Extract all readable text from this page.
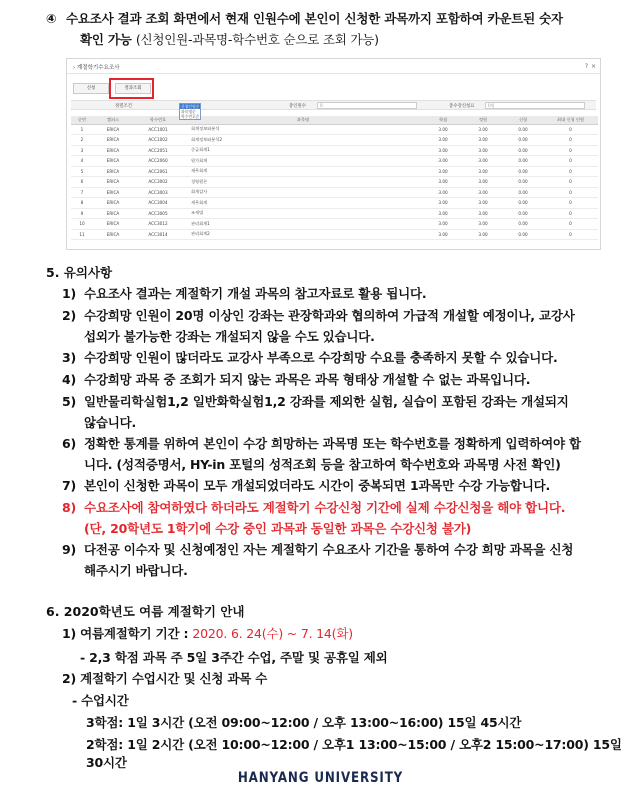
④ 수요조사 결과 조회 화면에서 현재 인원수에 본인이 신청한 과목까지 포함하여 카운트된 숫자
확인 가능 (신청인원-과목명-학수번호 순으로 조회 가능)
› 계절학기수요조사	? ×
신청	결과조회
정렬조건	총인원수	0	총수강신청료	0원
신청인원순
과목명순
학수번호순
순번	캠퍼스	학수번호	과목명	학점	정원	신청	최대 신청 인원
1	ERICA	ACC1001	회계정보와분석	3.00	3.00	0.00	0
2	ERICA	ACC1002	회계정보와분석2	3.00	3.00	0.00	0
3	ERICA	ACC2051	중급회계1	3.00	3.00	0.00	0
4	ERICA	ACC2060	원가회계	3.00	3.00	0.00	0
5	ERICA	ACC2061	재무회계	3.00	3.00	0.00	0
6	ERICA	ACC3002	경영원론	3.00	3.00	0.00	0
7	ERICA	ACC3003	회계감사	3.00	3.00	0.00	0
8	ERICA	ACC3004	세무회계	3.00	3.00	0.00	0
9	ERICA	ACC3005	조세법	3.00	3.00	0.00	0
10	ERICA	ACC3012	관리회계1	3.00	3.00	0.00	0
11	ERICA	ACC3014	관리회계2	3.00	3.00	0.00	0
5. 유의사항
1) 수요조사 결과는 계절학기 개설 과목의 참고자료로 활용 됩니다.
2) 수강희망 인원이 20명 이상인 강좌는 관장학과와 협의하여 가급적 개설할 예정이나, 교강사
섭외가 불가능한 강좌는 개설되지 않을 수도 있습니다.
3) 수강희망 인원이 많더라도 교강사 부족으로 수강희망 수요를 충족하지 못할 수 있습니다.
4) 수강희망 과목 중 조회가 되지 않는 과목은 과목 형태상 개설할 수 없는 과목입니다.
5) 일반물리학실험1,2 일반화학실험1,2 강좌를 제외한 실험, 실습이 포함된 강좌는 개설되지
않습니다.
6) 정확한 통계를 위하여 본인이 수강 희망하는 과목명 또는 학수번호를 정확하게 입력하여야 합
니다. (성적증명서, HY-in 포털의 성적조회 등을 참고하여 학수번호와 과목명 사전 확인)
7) 본인이 신청한 과목이 모두 개설되었더라도 시간이 중복되면 1과목만 수강 가능합니다.
8) 수요조사에 참여하였다 하더라도 계절학기 수강신청 기간에 실제 수강신청을 해야 합니다.
(단, 20학년도 1학기에 수강 중인 과목과 동일한 과목은 수강신청 불가)
9) 다전공 이수자 및 신청예정인 자는 계절학기 수요조사 기간을 통하여 수강 희망 과목을 신청
해주시기 바랍니다.
6. 2020학년도 여름 계절학기 안내
1) 여름계절학기 기간 : 2020. 6. 24(수) ~ 7. 14(화)
- 2,3 학점 과목 주 5일 3주간 수업, 주말 및 공휴일 제외
2) 계절학기 수업시간 및 신청 과목 수
- 수업시간
3학점: 1일 3시간 (오전 09:00~12:00 / 오후 13:00~16:00) 15일 45시간
2학점: 1일 2시간 (오전 10:00~12:00 / 오후1 13:00~15:00 / 오후2 15:00~17:00) 15일 30시간
HANYANG UNIVERSITY
